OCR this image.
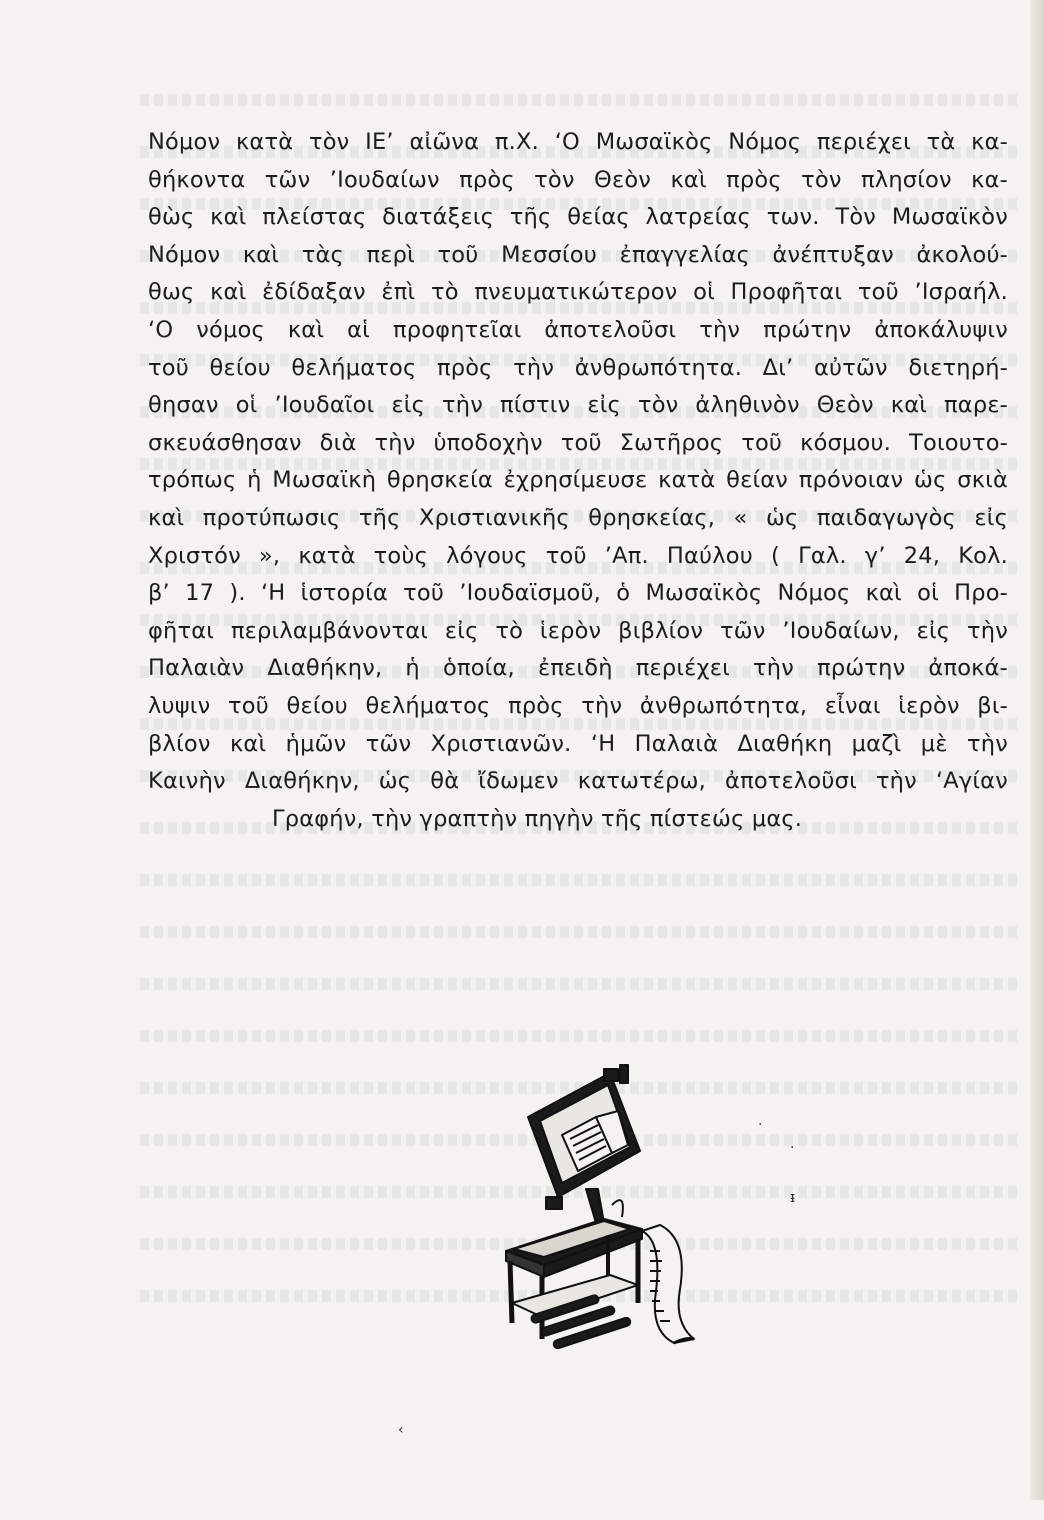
Νόμον κατὰ τὸν ΙΕ’ αἰῶνα π.Χ. ‘Ο Μωσαϊκὸς Νόμος περιέχει τὰ κα-
θήκοντα τῶν ’Ιουδαίων πρὸς τὸν Θεὸν καὶ πρὸς τὸν πλησίον κα-
θὼς καὶ πλείστας διατάξεις τῆς θείας λατρείας των. Τὸν Μωσαϊκὸν
Νόμον καὶ τὰς περὶ τοῦ Μεσσίου ἐπαγγελίας ἀνέπτυξαν ἀκολού-
θως καὶ ἐδίδαξαν ἐπὶ τὸ πνευματικώτερον οἱ Προφῆται τοῦ ’Ισραήλ.
‘Ο νόμος καὶ αἱ προφητεῖαι ἀποτελοῦσι τὴν πρώτην ἀποκάλυψιν
τοῦ θείου θελήματος πρὸς τὴν ἀνθρωπότητα. Δι’ αὐτῶν διετηρή-
θησαν οἱ ’Ιουδαῖοι εἰς τὴν πίστιν εἰς τὸν ἀληθινὸν Θεὸν καὶ παρε-
σκευάσθησαν διὰ τὴν ὑποδοχὴν τοῦ Σωτῆρος τοῦ κόσμου. Τοιουτο-
τρόπως ἡ Μωσαϊκὴ θρησκεία ἐχρησίμευσε κατὰ θείαν πρόνοιαν ὡς σκιὰ
καὶ προτύπωσις τῆς Χριστιανικῆς θρησκείας, « ὡς παιδαγωγὸς εἰς
Χριστόν », κατὰ τοὺς λόγους τοῦ ’Απ. Παύλου ( Γαλ. γ’ 24, Κολ.
β’ 17 ). ‘Η ἱστορία τοῦ ’Ιουδαϊσμοῦ, ὁ Μωσαϊκὸς Νόμος καὶ οἱ Προ-
φῆται περιλαμβάνονται εἰς τὸ ἱερὸν βιβλίον τῶν ’Ιουδαίων, εἰς τὴν
Παλαιὰν Διαθήκην, ἡ ὁποία, ἐπειδὴ περιέχει τὴν πρώτην ἀποκά-
λυψιν τοῦ θείου θελήματος πρὸς τὴν ἀνθρωπότητα, εἶναι ἱερὸν βι-
βλίον καὶ ἡμῶν τῶν Χριστιανῶν. ‘Η Παλαιὰ Διαθήκη μαζὶ μὲ τὴν
Καινὴν Διαθήκην, ὡς θὰ ἴδωμεν κατωτέρω, ἀποτελοῦσι τὴν ‘Αγίαν
Γραφήν, τὴν γραπτὴν πηγὴν τῆς πίστεώς μας.
.
·
ᵻ
‹
